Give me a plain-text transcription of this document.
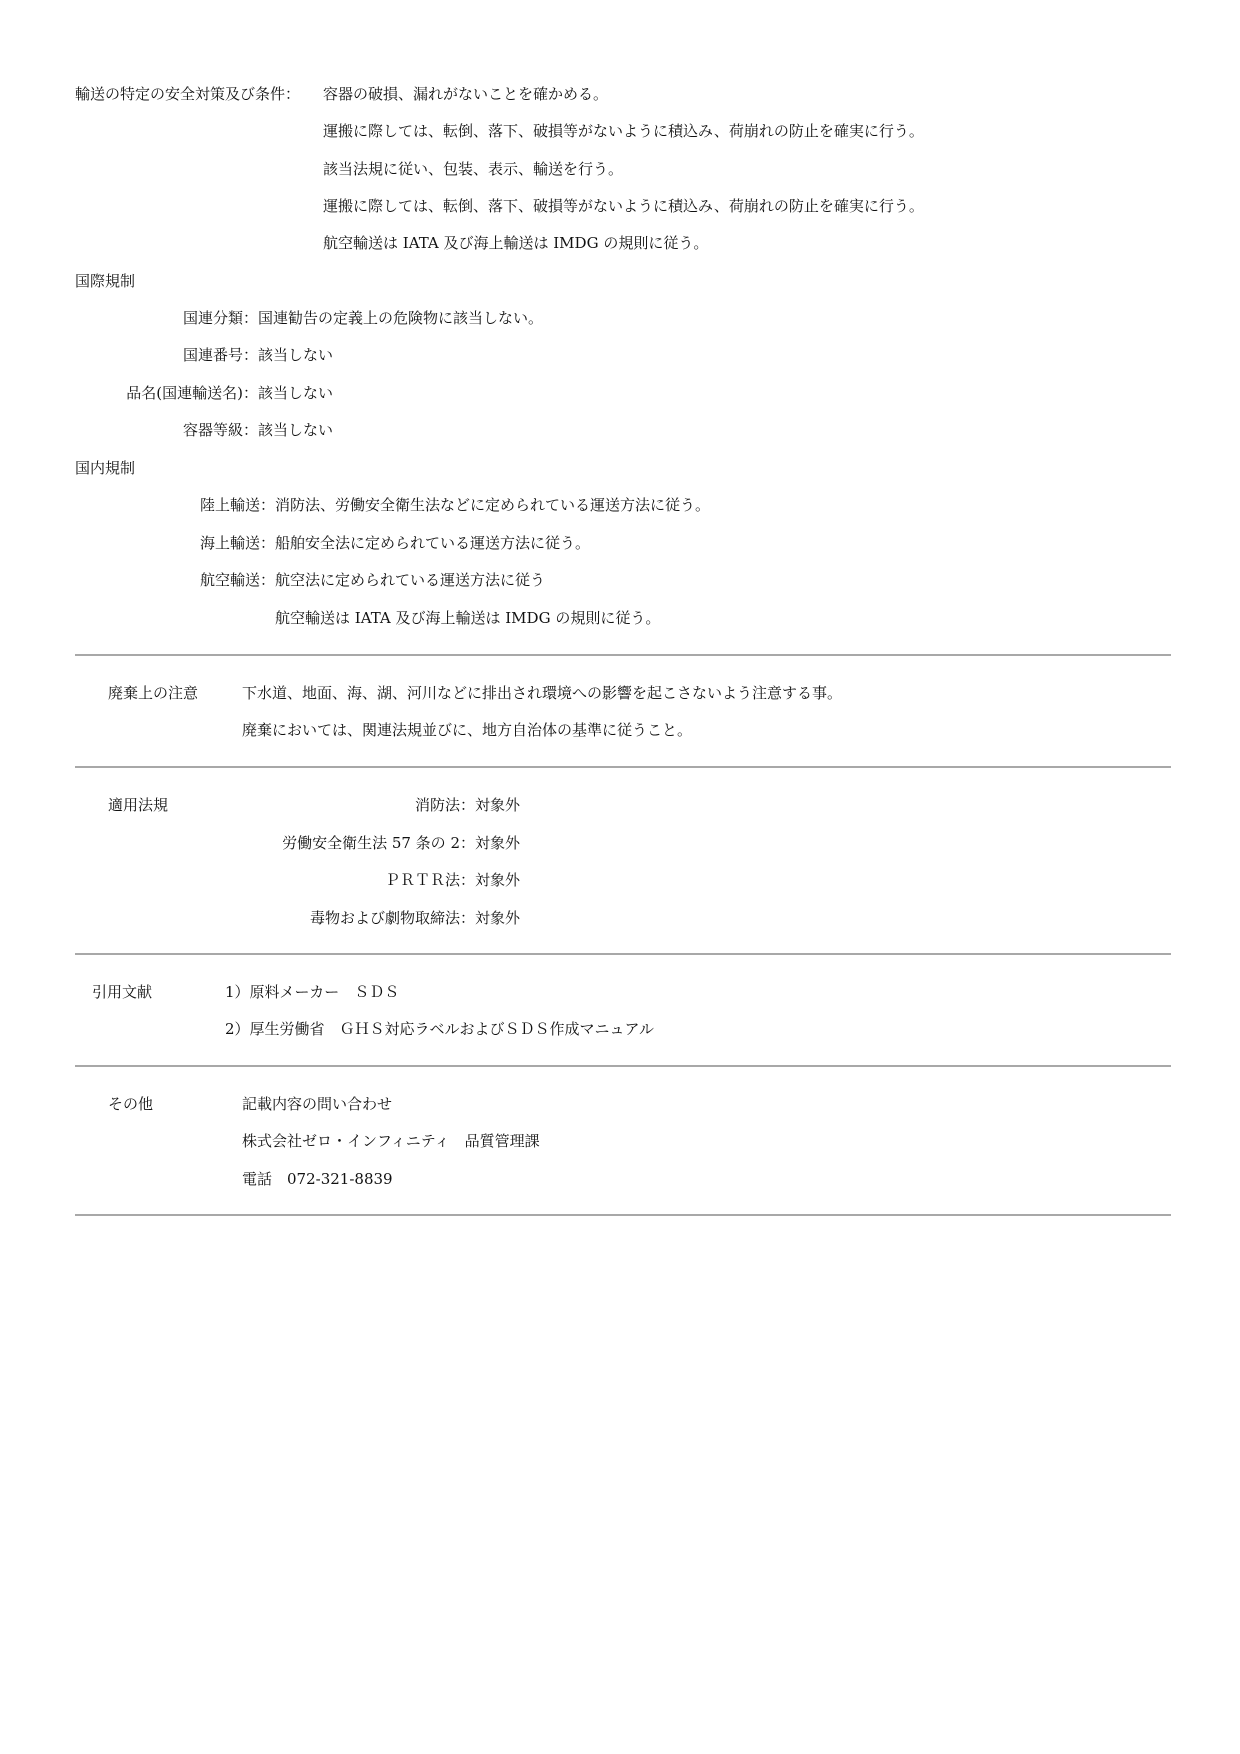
輸送の特定の安全対策及び条件： 容器の破損、漏れがないことを確かめる。
運搬に際しては、転倒、落下、破損等がないように積込み、荷崩れの防止を確実に行う。
該当法規に従い、包装、表示、輸送を行う。
運搬に際しては、転倒、落下、破損等がないように積込み、荷崩れの防止を確実に行う。
航空輸送は IATA 及び海上輸送は IMDG の規則に従う。
国際規制
国連分類： 国連勧告の定義上の危険物に該当しない。
国連番号： 該当しない
品名(国連輸送名)： 該当しない
容器等級： 該当しない
国内規制
陸上輸送： 消防法、労働安全衛生法などに定められている運送方法に従う。
海上輸送： 船舶安全法に定められている運送方法に従う。
航空輸送： 航空法に定められている運送方法に従う
航空輸送は IATA 及び海上輸送は IMDG の規則に従う。
廃棄上の注意	下水道、地面、海、湖、河川などに排出され環境への影響を起こさないよう注意する事。
廃棄においては、関連法規並びに、地方自治体の基準に従うこと。
適用法規	消防法： 対象外
労働安全衛生法 57 条の 2： 対象外
ＰＲＴＲ法： 対象外
毒物および劇物取締法： 対象外
引用文献	1）原料メーカー　ＳＤＳ
2）厚生労働省　ＧＨＳ対応ラベルおよびＳＤＳ作成マニュアル
その他	記載内容の問い合わせ
株式会社ゼロ・インフィニティ　品質管理課
電話　072-321-8839
